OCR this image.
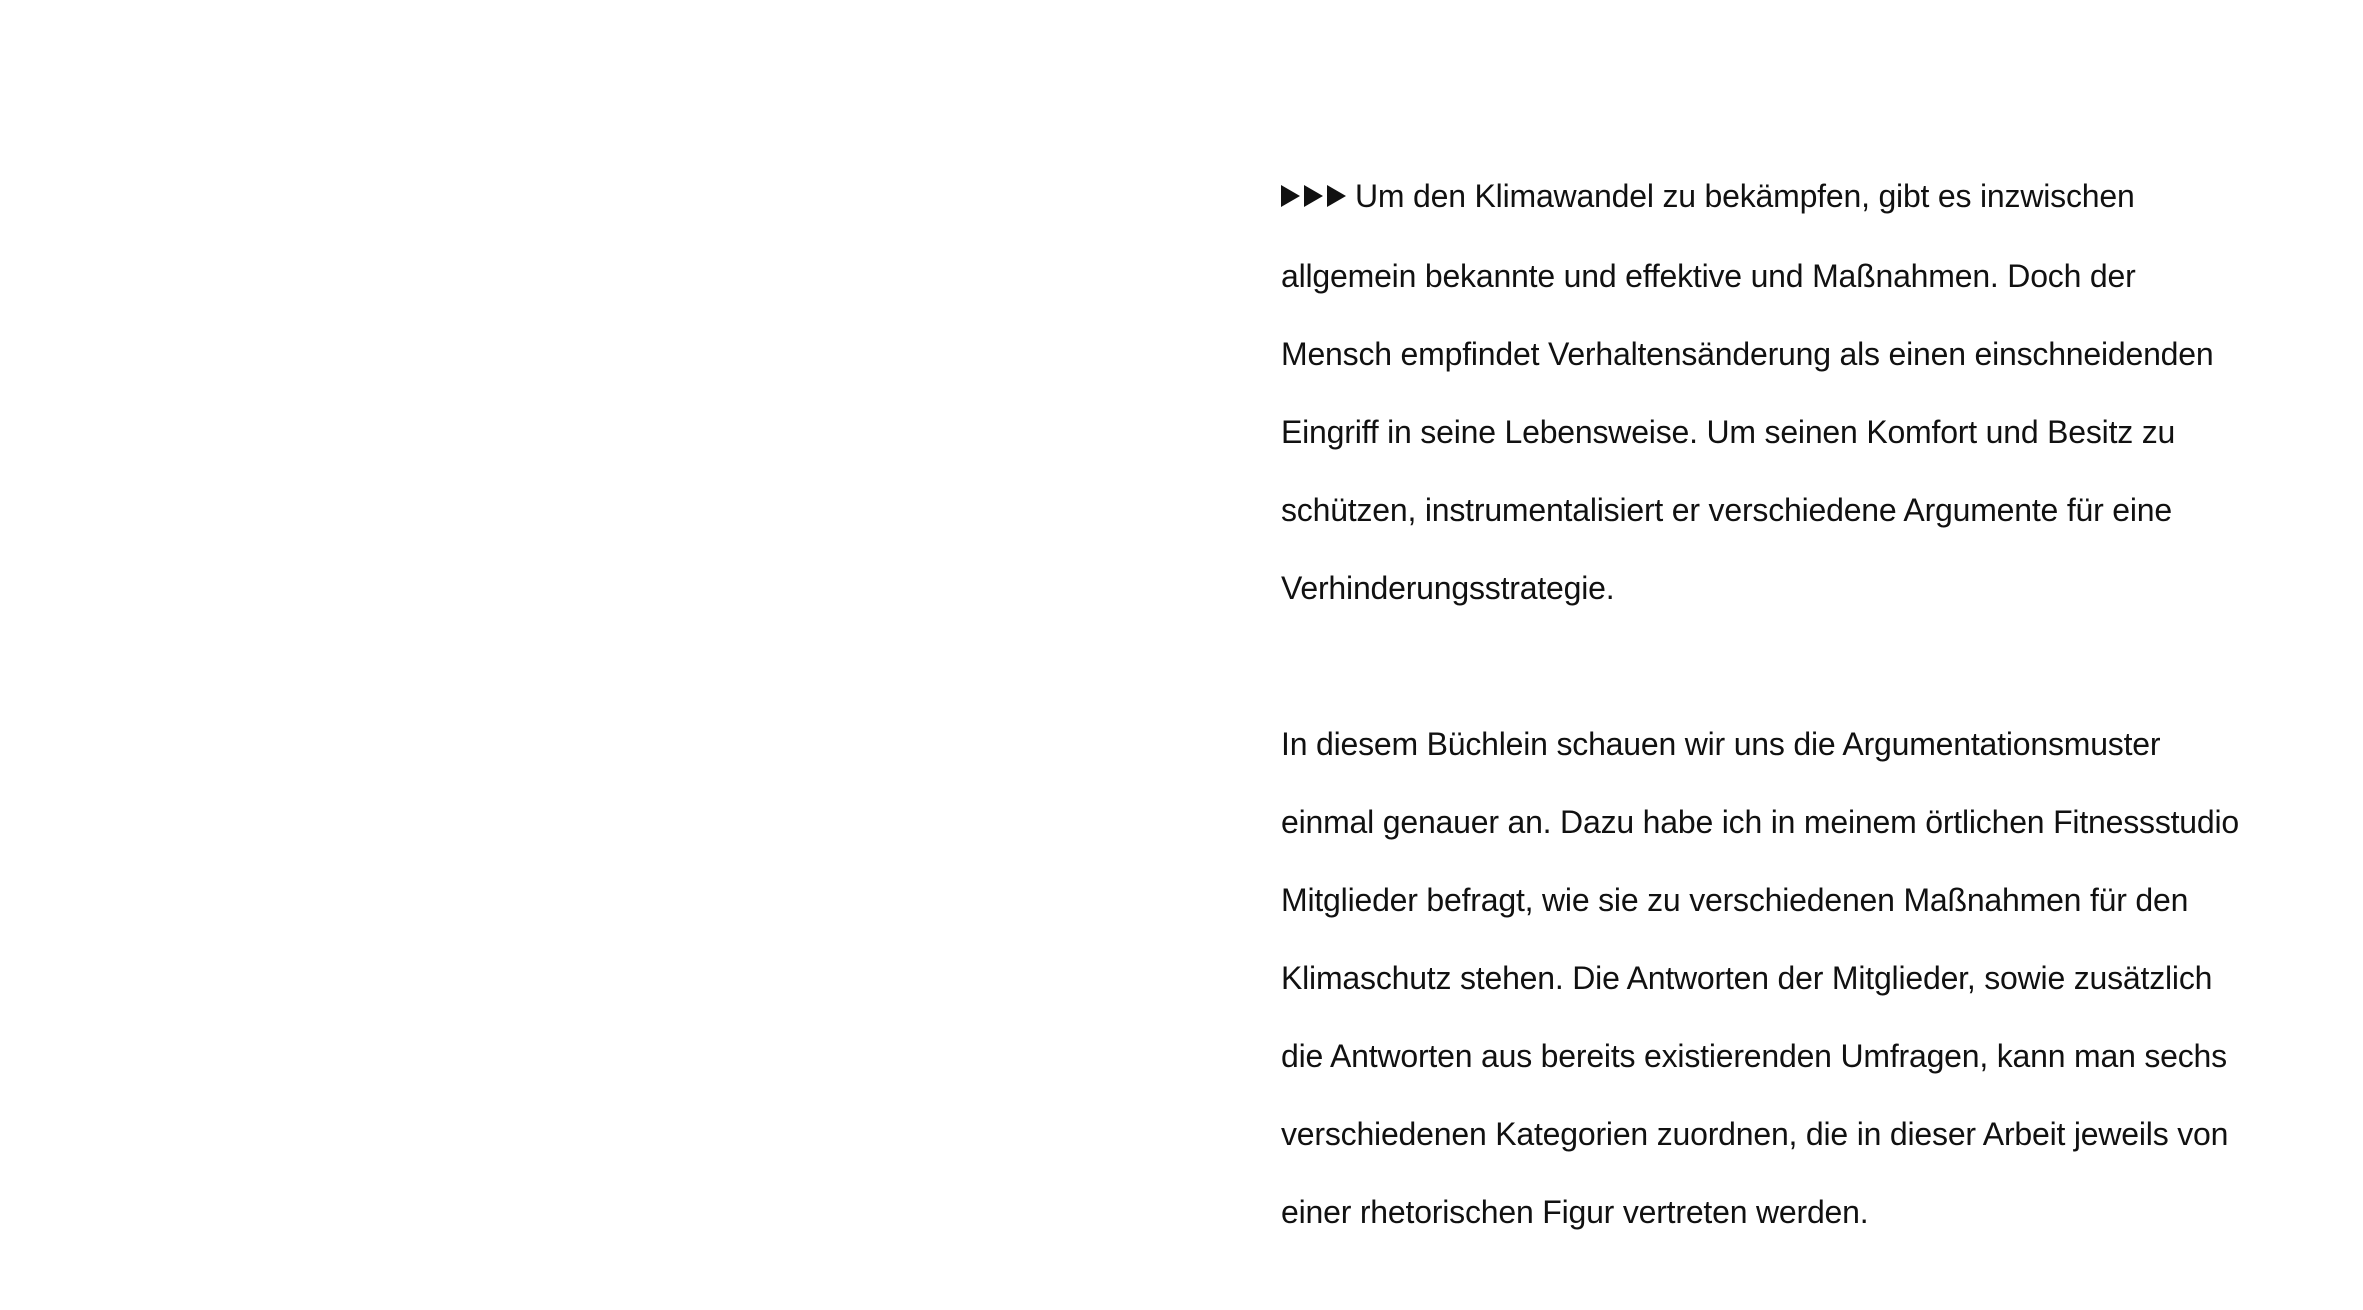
Um den Klimawandel zu bekämpfen, gibt es inzwischen

allgemein bekannte und effektive und Maßnahmen. Doch der

Mensch empfindet Verhaltensänderung als einen einschneidenden

Eingriff in seine Lebensweise. Um seinen Komfort und Besitz zu

schützen, instrumentalisiert er verschiedene Argumente für eine

Verhinderungsstrategie.

In diesem Büchlein schauen wir uns die Argumentationsmuster

einmal genauer an. Dazu habe ich in meinem örtlichen Fitnessstudio

Mitglieder befragt, wie sie zu verschiedenen Maßnahmen für den

Klimaschutz stehen. Die Antworten der Mitglieder, sowie zusätzlich

die Antworten aus bereits existierenden Umfragen, kann man sechs

verschiedenen Kategorien zuordnen, die in dieser Arbeit jeweils von

einer rhetorischen Figur vertreten werden.
